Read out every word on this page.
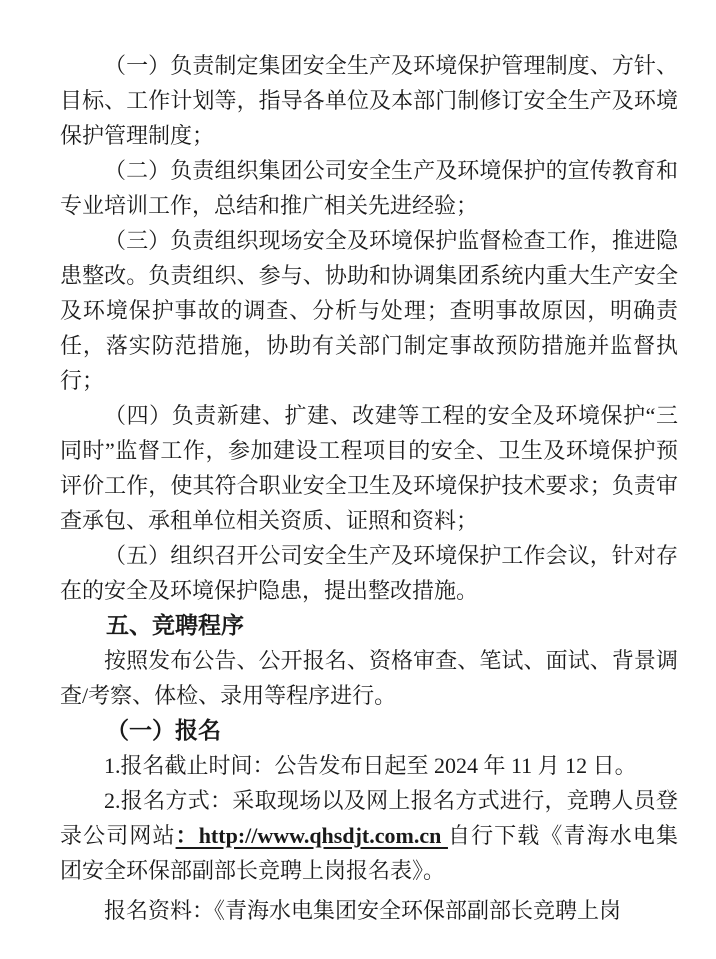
（一）负责制定集团安全生产及环境保护管理制度、方针、目标、工作计划等，指导各单位及本部门制修订安全生产及环境保护管理制度；

（二）负责组织集团公司安全生产及环境保护的宣传教育和专业培训工作，总结和推广相关先进经验；

（三）负责组织现场安全及环境保护监督检查工作，推进隐患整改。负责组织、参与、协助和协调集团系统内重大生产安全及环境保护事故的调查、分析与处理；查明事故原因，明确责任，落实防范措施，协助有关部门制定事故预防措施并监督执行；

（四）负责新建、扩建、改建等工程的安全及环境保护“三同时”监督工作，参加建设工程项目的安全、卫生及环境保护预评价工作，使其符合职业安全卫生及环境保护技术要求；负责审查承包、承租单位相关资质、证照和资料；

（五）组织召开公司安全生产及环境保护工作会议，针对存在的安全及环境保护隐患，提出整改措施。

五、竞聘程序

按照发布公告、公开报名、资格审查、笔试、面试、背景调查/考察、体检、录用等程序进行。

（一）报名

1.报名截止时间：公告发布日起至 2024 年 11 月 12 日。

2.报名方式：采取现场以及网上报名方式进行，竞聘人员登录公司网站：http://www.qhsdjt.com.cn 自行下载《青海水电集团安全环保部副部长竞聘上岗报名表》。

报名资料：《青海水电集团安全环保部副部长竞聘上岗
